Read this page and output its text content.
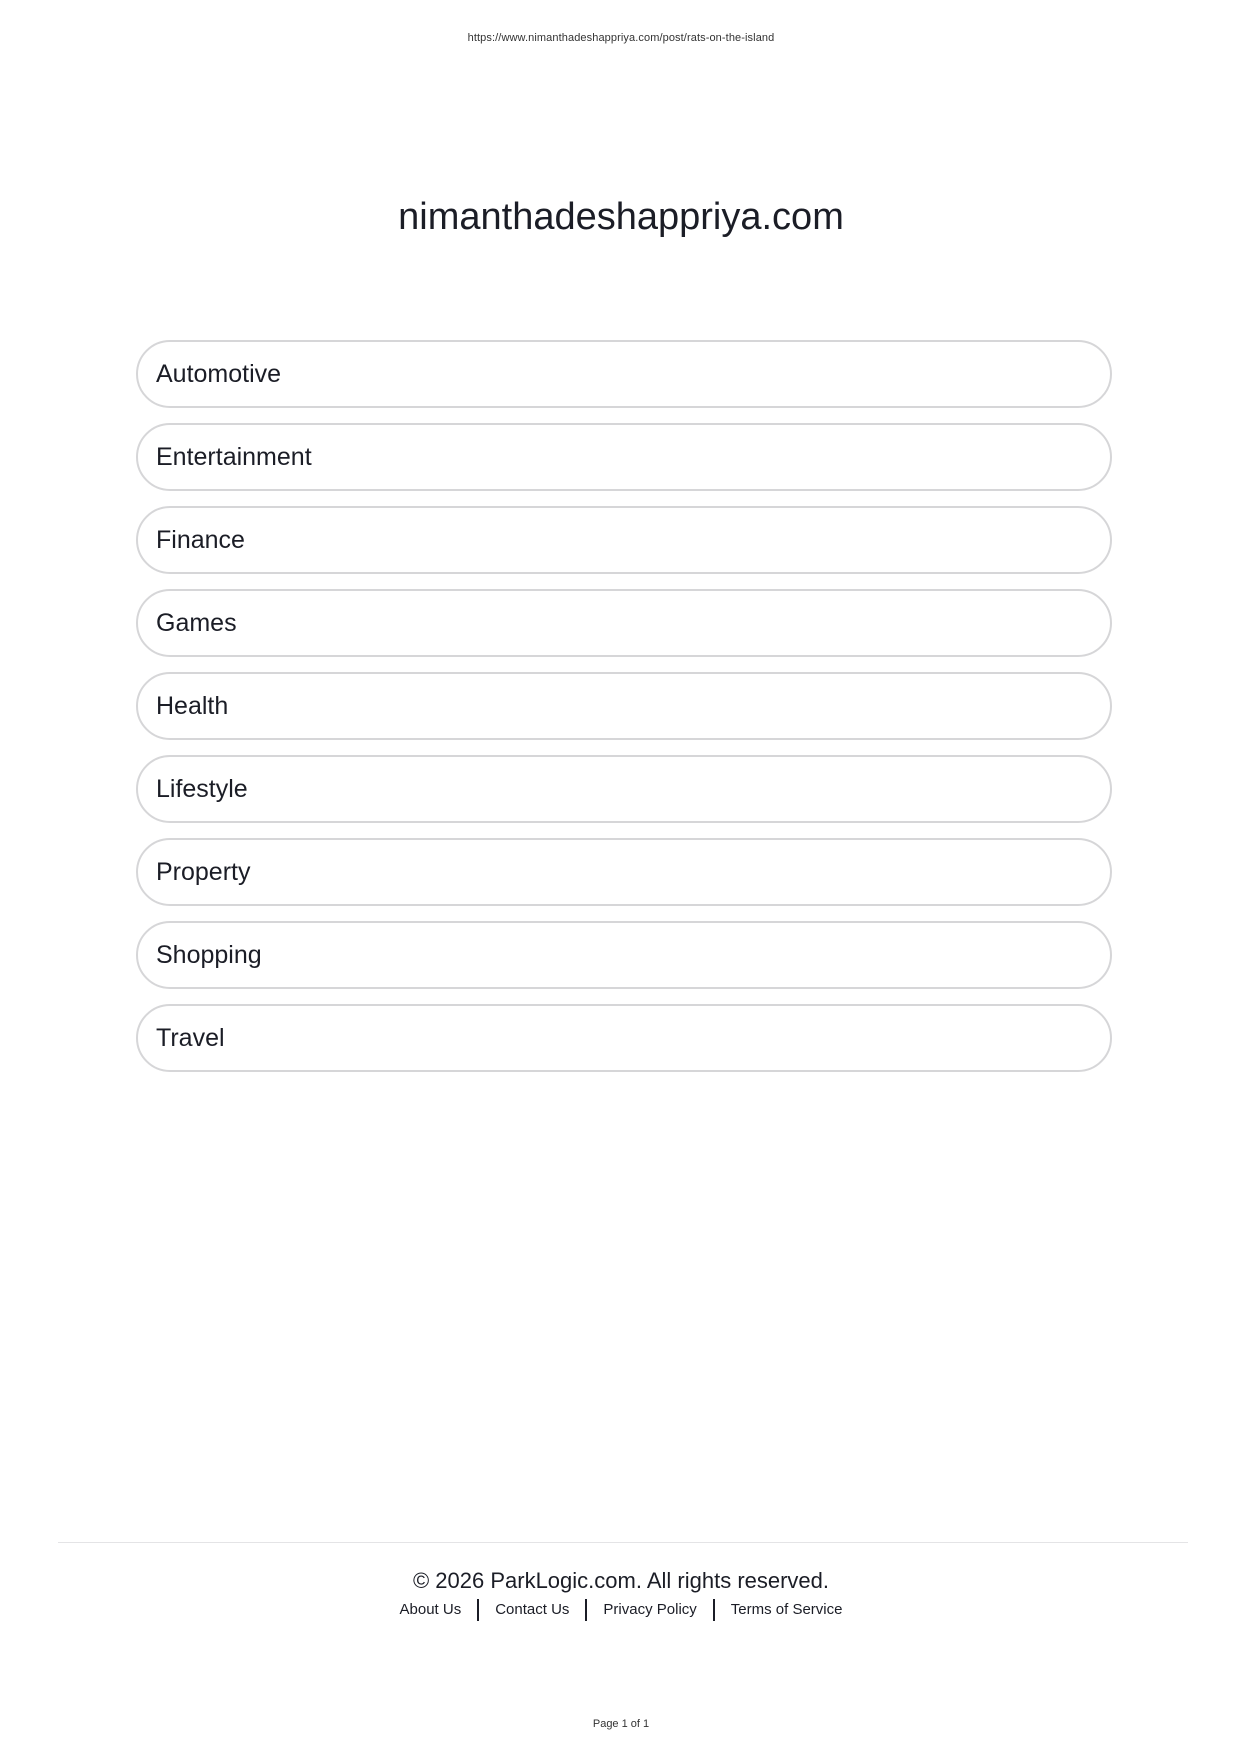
https://www.nimanthadeshappriya.com/post/rats-on-the-island
nimanthadeshappriya.com
Automotive
Entertainment
Finance
Games
Health
Lifestyle
Property
Shopping
Travel
© 2026 ParkLogic.com. All rights reserved.
About Us	Contact Us	Privacy Policy	Terms of Service
Page 1 of 1
